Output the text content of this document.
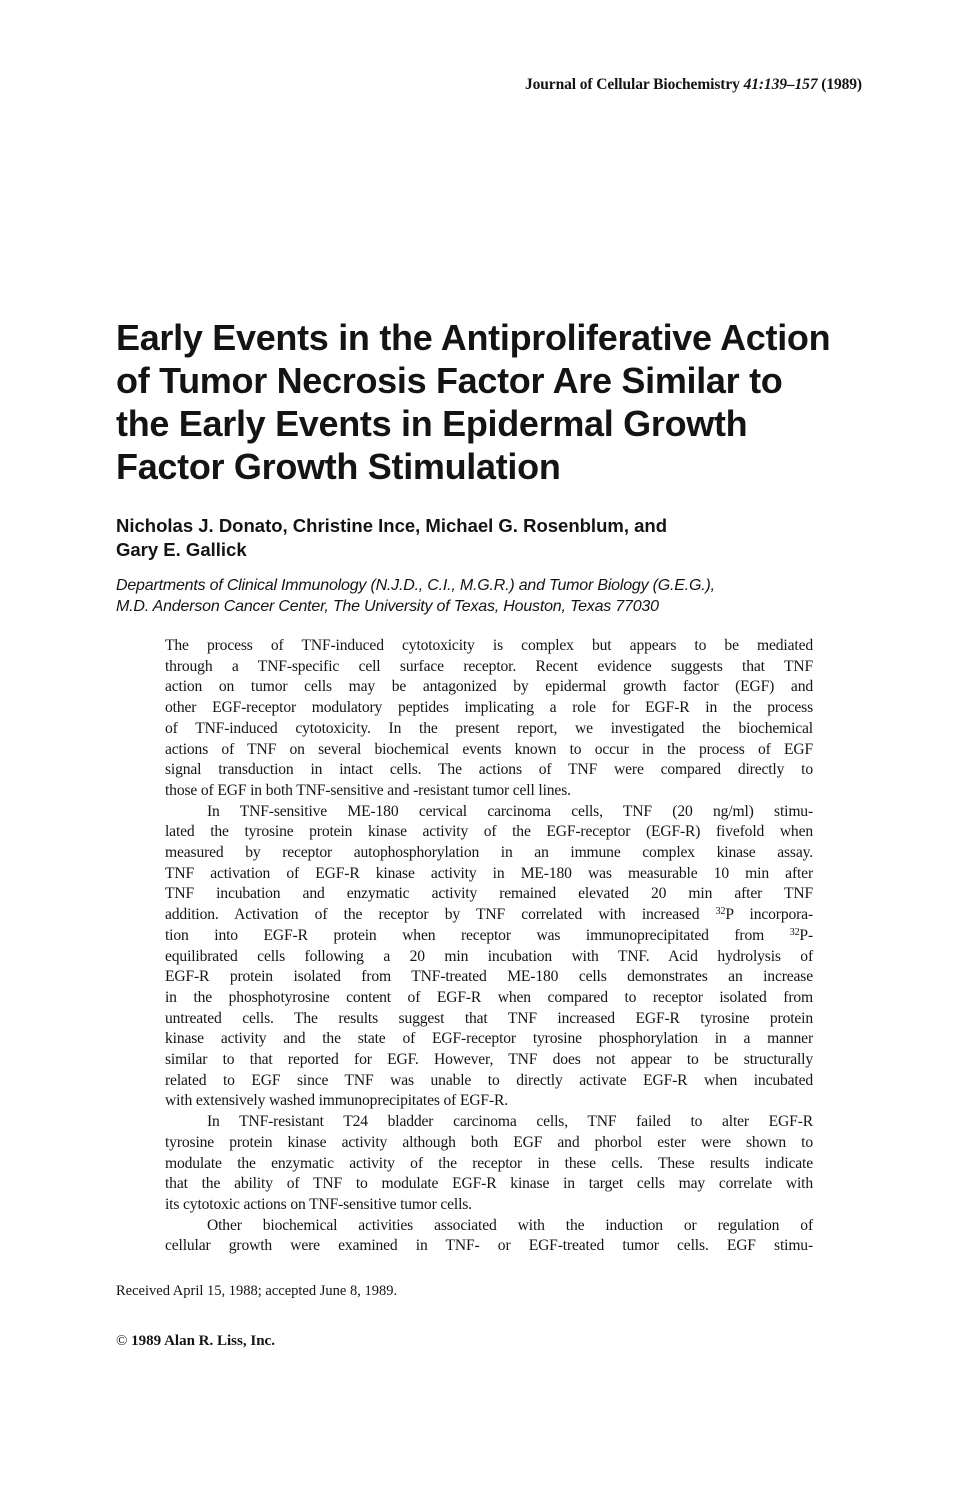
Journal of Cellular Biochemistry 41:139–157 (1989)
Early Events in the Antiproliferative Action
of Tumor Necrosis Factor Are Similar to
the Early Events in Epidermal Growth
Factor Growth Stimulation
Nicholas J. Donato, Christine Ince, Michael G. Rosenblum, and
Gary E. Gallick
Departments of Clinical Immunology (N.J.D., C.I., M.G.R.) and Tumor Biology (G.E.G.),
M.D. Anderson Cancer Center, The University of Texas, Houston, Texas 77030

The process of TNF-induced cytotoxicity is complex but appears to be mediated
through a TNF-specific cell surface receptor. Recent evidence suggests that TNF
action on tumor cells may be antagonized by epidermal growth factor (EGF) and
other EGF-receptor modulatory peptides implicating a role for EGF-R in the process
of TNF-induced cytotoxicity. In the present report, we investigated the biochemical
actions of TNF on several biochemical events known to occur in the process of EGF
signal transduction in intact cells. The actions of TNF were compared directly to
those of EGF in both TNF-sensitive and -resistant tumor cell lines.

In TNF-sensitive ME-180 cervical carcinoma cells, TNF (20 ng/ml) stimu-
lated the tyrosine protein kinase activity of the EGF-receptor (EGF-R) fivefold when
measured by receptor autophosphorylation in an immune complex kinase assay.
TNF activation of EGF-R kinase activity in ME-180 was measurable 10 min after
TNF incubation and enzymatic activity remained elevated 20 min after TNF
addition. Activation of the receptor by TNF correlated with increased $^{32}$P incorpora-
tion into EGF-R protein when receptor was immunoprecipitated from $^{32}$P-
equilibrated cells following a 20 min incubation with TNF. Acid hydrolysis of
EGF-R protein isolated from TNF-treated ME-180 cells demonstrates an increase
in the phosphotyrosine content of EGF-R when compared to receptor isolated from
untreated cells. The results suggest that TNF increased EGF-R tyrosine protein
kinase activity and the state of EGF-receptor tyrosine phosphorylation in a manner
similar to that reported for EGF. However, TNF does not appear to be structurally
related to EGF since TNF was unable to directly activate EGF-R when incubated
with extensively washed immunoprecipitates of EGF-R.

In TNF-resistant T24 bladder carcinoma cells, TNF failed to alter EGF-R
tyrosine protein kinase activity although both EGF and phorbol ester were shown to
modulate the enzymatic activity of the receptor in these cells. These results indicate
that the ability of TNF to modulate EGF-R kinase in target cells may correlate with
its cytotoxic actions on TNF-sensitive tumor cells.

Other biochemical activities associated with the induction or regulation of
cellular growth were examined in TNF- or EGF-treated tumor cells. EGF stimu-

Received April 15, 1988; accepted June 8, 1989.
© 1989 Alan R. Liss, Inc.
